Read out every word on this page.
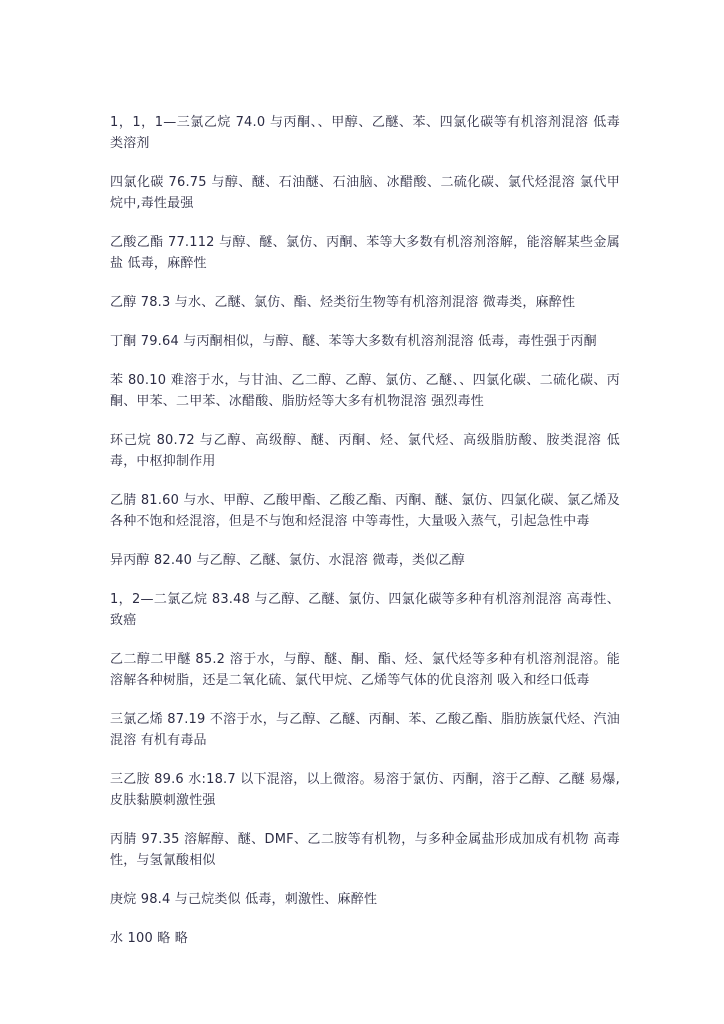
1，1，1—三氯乙烷 74.0 与丙酮、、甲醇、乙醚、苯、四氯化碳等有机溶剂混溶 低毒类溶剂

四氯化碳 76.75 与醇、醚、石油醚、石油脑、冰醋酸、二硫化碳、氯代烃混溶 氯代甲烷中,毒性最强

乙酸乙酯 77.112 与醇、醚、氯仿、丙酮、苯等大多数有机溶剂溶解，能溶解某些金属盐 低毒，麻醉性

乙醇 78.3 与水、乙醚、氯仿、酯、烃类衍生物等有机溶剂混溶 微毒类，麻醉性

丁酮 79.64 与丙酮相似，与醇、醚、苯等大多数有机溶剂混溶 低毒，毒性强于丙酮

苯 80.10 难溶于水，与甘油、乙二醇、乙醇、氯仿、乙醚、、四氯化碳、二硫化碳、丙酮、甲苯、二甲苯、冰醋酸、脂肪烃等大多有机物混溶 强烈毒性

环己烷 80.72 与乙醇、高级醇、醚、丙酮、烃、氯代烃、高级脂肪酸、胺类混溶 低毒，中枢抑制作用

乙腈 81.60 与水、甲醇、乙酸甲酯、乙酸乙酯、丙酮、醚、氯仿、四氯化碳、氯乙烯及各种不饱和烃混溶，但是不与饱和烃混溶 中等毒性，大量吸入蒸气，引起急性中毒

异丙醇 82.40 与乙醇、乙醚、氯仿、水混溶 微毒，类似乙醇

1，2—二氯乙烷 83.48 与乙醇、乙醚、氯仿、四氯化碳等多种有机溶剂混溶 高毒性、致癌

乙二醇二甲醚 85.2 溶于水，与醇、醚、酮、酯、烃、氯代烃等多种有机溶剂混溶。能溶解各种树脂，还是二氧化硫、氯代甲烷、乙烯等气体的优良溶剂 吸入和经口低毒

三氯乙烯 87.19 不溶于水，与乙醇、乙醚、丙酮、苯、乙酸乙酯、脂肪族氯代烃、汽油混溶 有机有毒品

三乙胺 89.6 水:18.7 以下混溶，以上微溶。易溶于氯仿、丙酮，溶于乙醇、乙醚 易爆,皮肤黏膜刺激性强

丙腈 97.35 溶解醇、醚、DMF、乙二胺等有机物，与多种金属盐形成加成有机物 高毒性，与氢氰酸相似

庚烷 98.4 与己烷类似 低毒，刺激性、麻醉性

水 100 略 略
